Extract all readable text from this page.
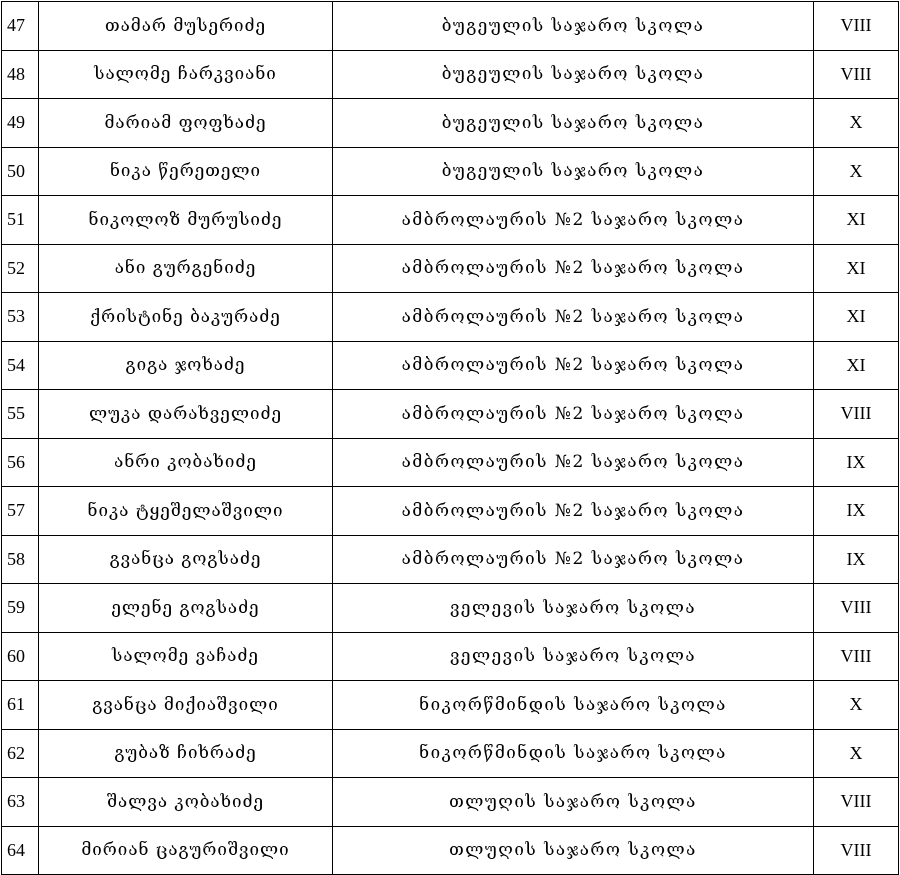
47	თამარ მუსერიძე	ბუგეულის საჯარო სკოლა	VIII
48	სალომე ჩარკვიანი	ბუგეულის საჯარო სკოლა	VIII
49	მარიამ ფოფხაძე	ბუგეულის საჯარო სკოლა	X
50	ნიკა წერეთელი	ბუგეულის საჯარო სკოლა	X
51	ნიკოლოზ მურუსიძე	ამბროლაურის №2 საჯარო სკოლა	XI
52	ანი გურგენიძე	ამბროლაურის №2 საჯარო სკოლა	XI
53	ქრისტინე ბაკურაძე	ამბროლაურის №2 საჯარო სკოლა	XI
54	გიგა ჯოხაძე	ამბროლაურის №2 საჯარო სკოლა	XI
55	ლუკა დარახველიძე	ამბროლაურის №2 საჯარო სკოლა	VIII
56	ანრი კობახიძე	ამბროლაურის №2 საჯარო სკოლა	IX
57	ნიკა ტყეშელაშვილი	ამბროლაურის №2 საჯარო სკოლა	IX
58	გვანცა გოგსაძე	ამბროლაურის №2 საჯარო სკოლა	IX
59	ელენე გოგსაძე	ველევის საჯარო სკოლა	VIII
60	სალომე ვაჩაძე	ველევის საჯარო სკოლა	VIII
61	გვანცა მიქიაშვილი	ნიკორწმინდის საჯარო სკოლა	X
62	გუბაზ ჩიხრაძე	ნიკორწმინდის საჯარო სკოლა	X
63	შალვა კობახიძე	თლუღის საჯარო სკოლა	VIII
64	მირიან ცაგურიშვილი	თლუღის საჯარო სკოლა	VIII
